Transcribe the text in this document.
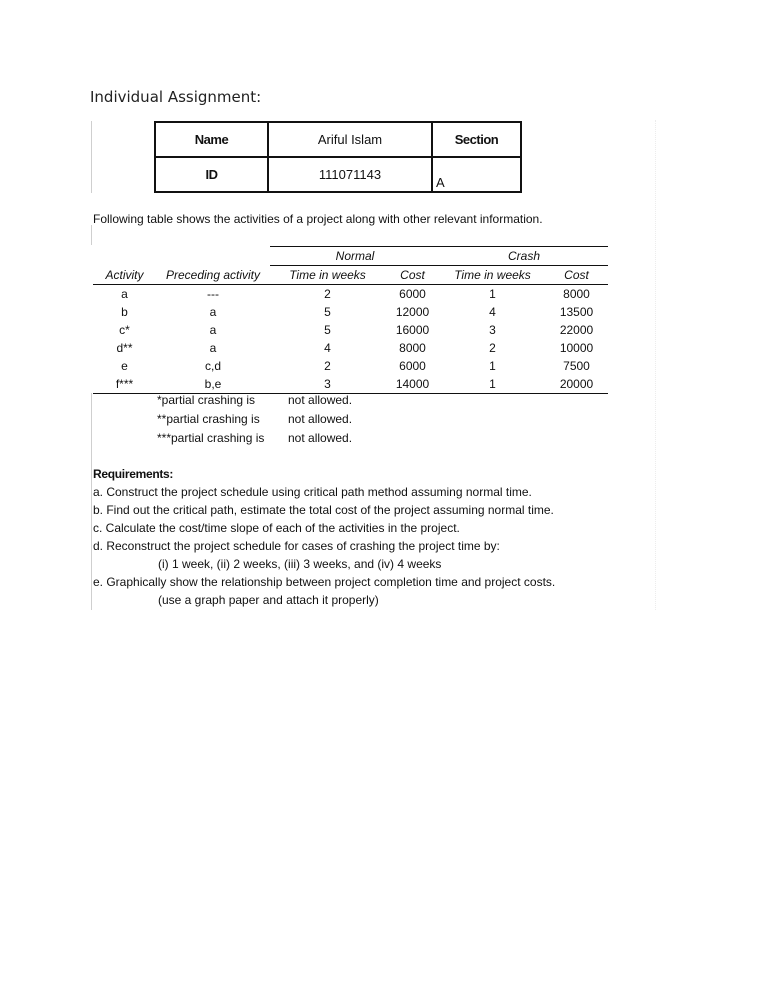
Individual Assignment:
Name	Ariful Islam	Section
ID	111071143	A
Following table shows the activities of a project along with other relevant information.
		Normal		Crash	
Activity	Preceding activity	Time in weeks	Cost	Time in weeks	Cost
a	---	2	6000	1	8000
b	a	5	12000	4	13500
c*	a	5	16000	3	22000
d**	a	4	8000	2	10000
e	c,d	2	6000	1	7500
f***	b,e	3	14000	1	20000
*partial crashing is	not allowed.
**partial crashing is	not allowed.
***partial crashing is	not allowed.
Requirements:
a. Construct the project schedule using critical path method assuming normal time.
b. Find out the critical path, estimate the total cost of the project assuming normal time.
c. Calculate the cost/time slope of each of the activities in the project.
d. Reconstruct the project schedule for cases of crashing the project time by:
(i) 1 week, (ii) 2 weeks, (iii) 3 weeks, and (iv) 4 weeks
e. Graphically show the relationship between project completion time and project costs.
(use a graph paper and attach it properly)
